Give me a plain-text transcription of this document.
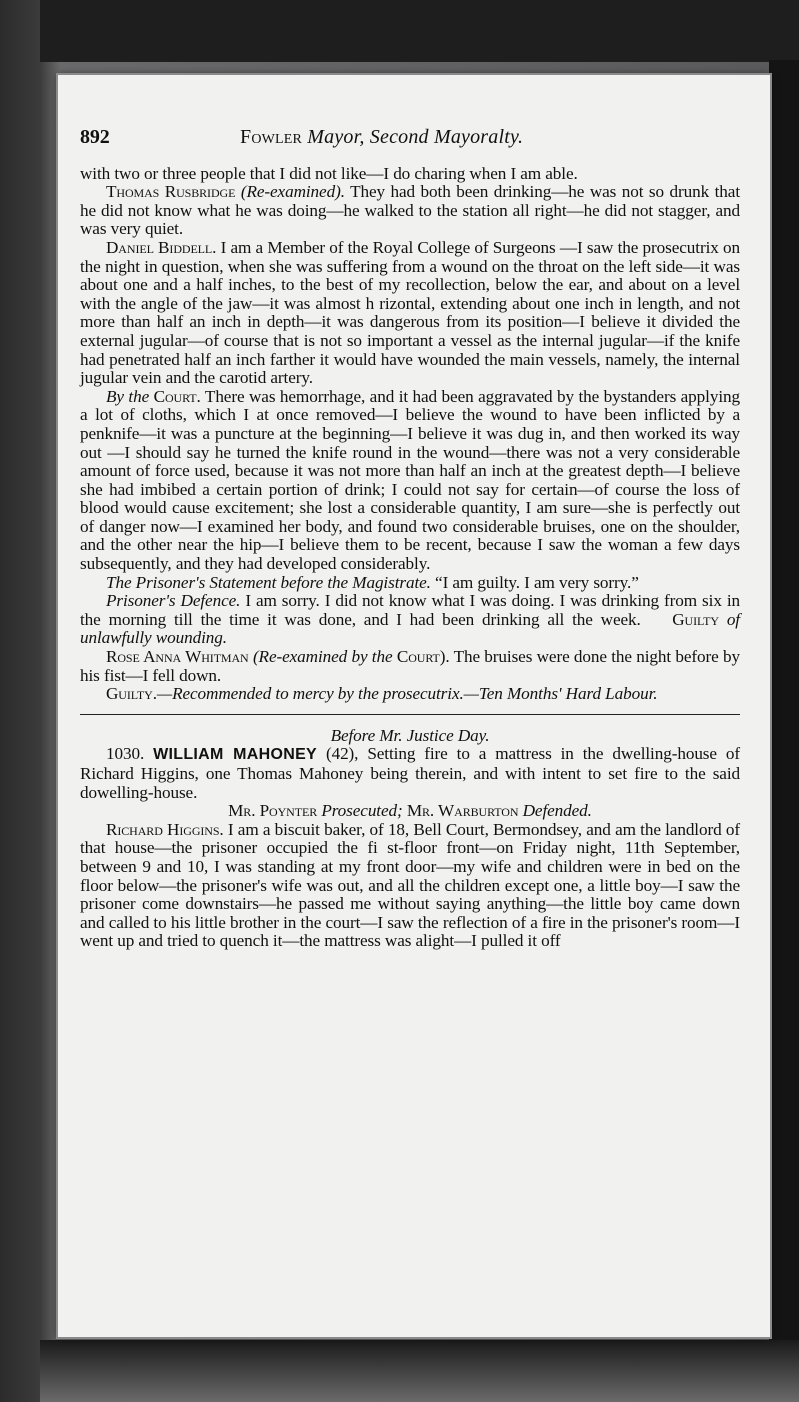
892	Fowler Mayor, Second Mayoralty.

with two or three people that I did not like—I do charing when I am able.

Thomas Rusbridge (Re-examined). They had both been drinking—he was not so drunk that he did not know what he was doing—he walked to the station all right—he did not stagger, and was very quiet.

Daniel Biddell. I am a Member of the Royal College of Surgeons —I saw the prosecutrix on the night in question, when she was suffering from a wound on the throat on the left side—it was about one and a half inches, to the best of my recollection, below the ear, and about on a level with the angle of the jaw—it was almost h rizontal, extending about one inch in length, and not more than half an inch in depth—it was dangerous from its position—I believe it divided the external jugular—of course that is not so important a vessel as the internal jugular—if the knife had penetrated half an inch farther it would have wounded the main vessels, namely, the internal jugular vein and the carotid artery.

By the Court. There was hemorrhage, and it had been aggravated by the bystanders applying a lot of cloths, which I at once removed—I believe the wound to have been inflicted by a penknife—it was a puncture at the beginning—I believe it was dug in, and then worked its way out —I should say he turned the knife round in the wound—there was not a very considerable amount of force used, because it was not more than half an inch at the greatest depth—I believe she had imbibed a certain portion of drink; I could not say for certain—of course the loss of blood would cause excitement; she lost a considerable quantity, I am sure—she is perfectly out of danger now—I examined her body, and found two considerable bruises, one on the shoulder, and the other near the hip—I believe them to be recent, because I saw the woman a few days subsequently, and they had developed considerably.

The Prisoner's Statement before the Magistrate. “I am guilty. I am very sorry.”

Prisoner's Defence. I am sorry. I did not know what I was doing. I was drinking from six in the morning till the time it was done, and I had been drinking all the week. Guilty of unlawfully wounding.

Rose Anna Whitman (Re-examined by the Court). The bruises were done the night before by his fist—I fell down.

Guilty.—Recommended to mercy by the prosecutrix.—Ten Months' Hard Labour.

Before Mr. Justice Day.

1030. WILLIAM MAHONEY (42), Setting fire to a mattress in the dwelling-house of Richard Higgins, one Thomas Mahoney being therein, and with intent to set fire to the said dowelling-house.

Mr. Poynter Prosecuted; Mr. Warburton Defended.

Richard Higgins. I am a biscuit baker, of 18, Bell Court, Bermondsey, and am the landlord of that house—the prisoner occupied the fi st-floor front—on Friday night, 11th September, between 9 and 10, I was standing at my front door—my wife and children were in bed on the floor below—the prisoner's wife was out, and all the children except one, a little boy—I saw the prisoner come downstairs—he passed me without saying anything—the little boy came down and called to his little brother in the court—I saw the reflection of a fire in the prisoner's room—I went up and tried to quench it—the mattress was alight—I pulled it off
